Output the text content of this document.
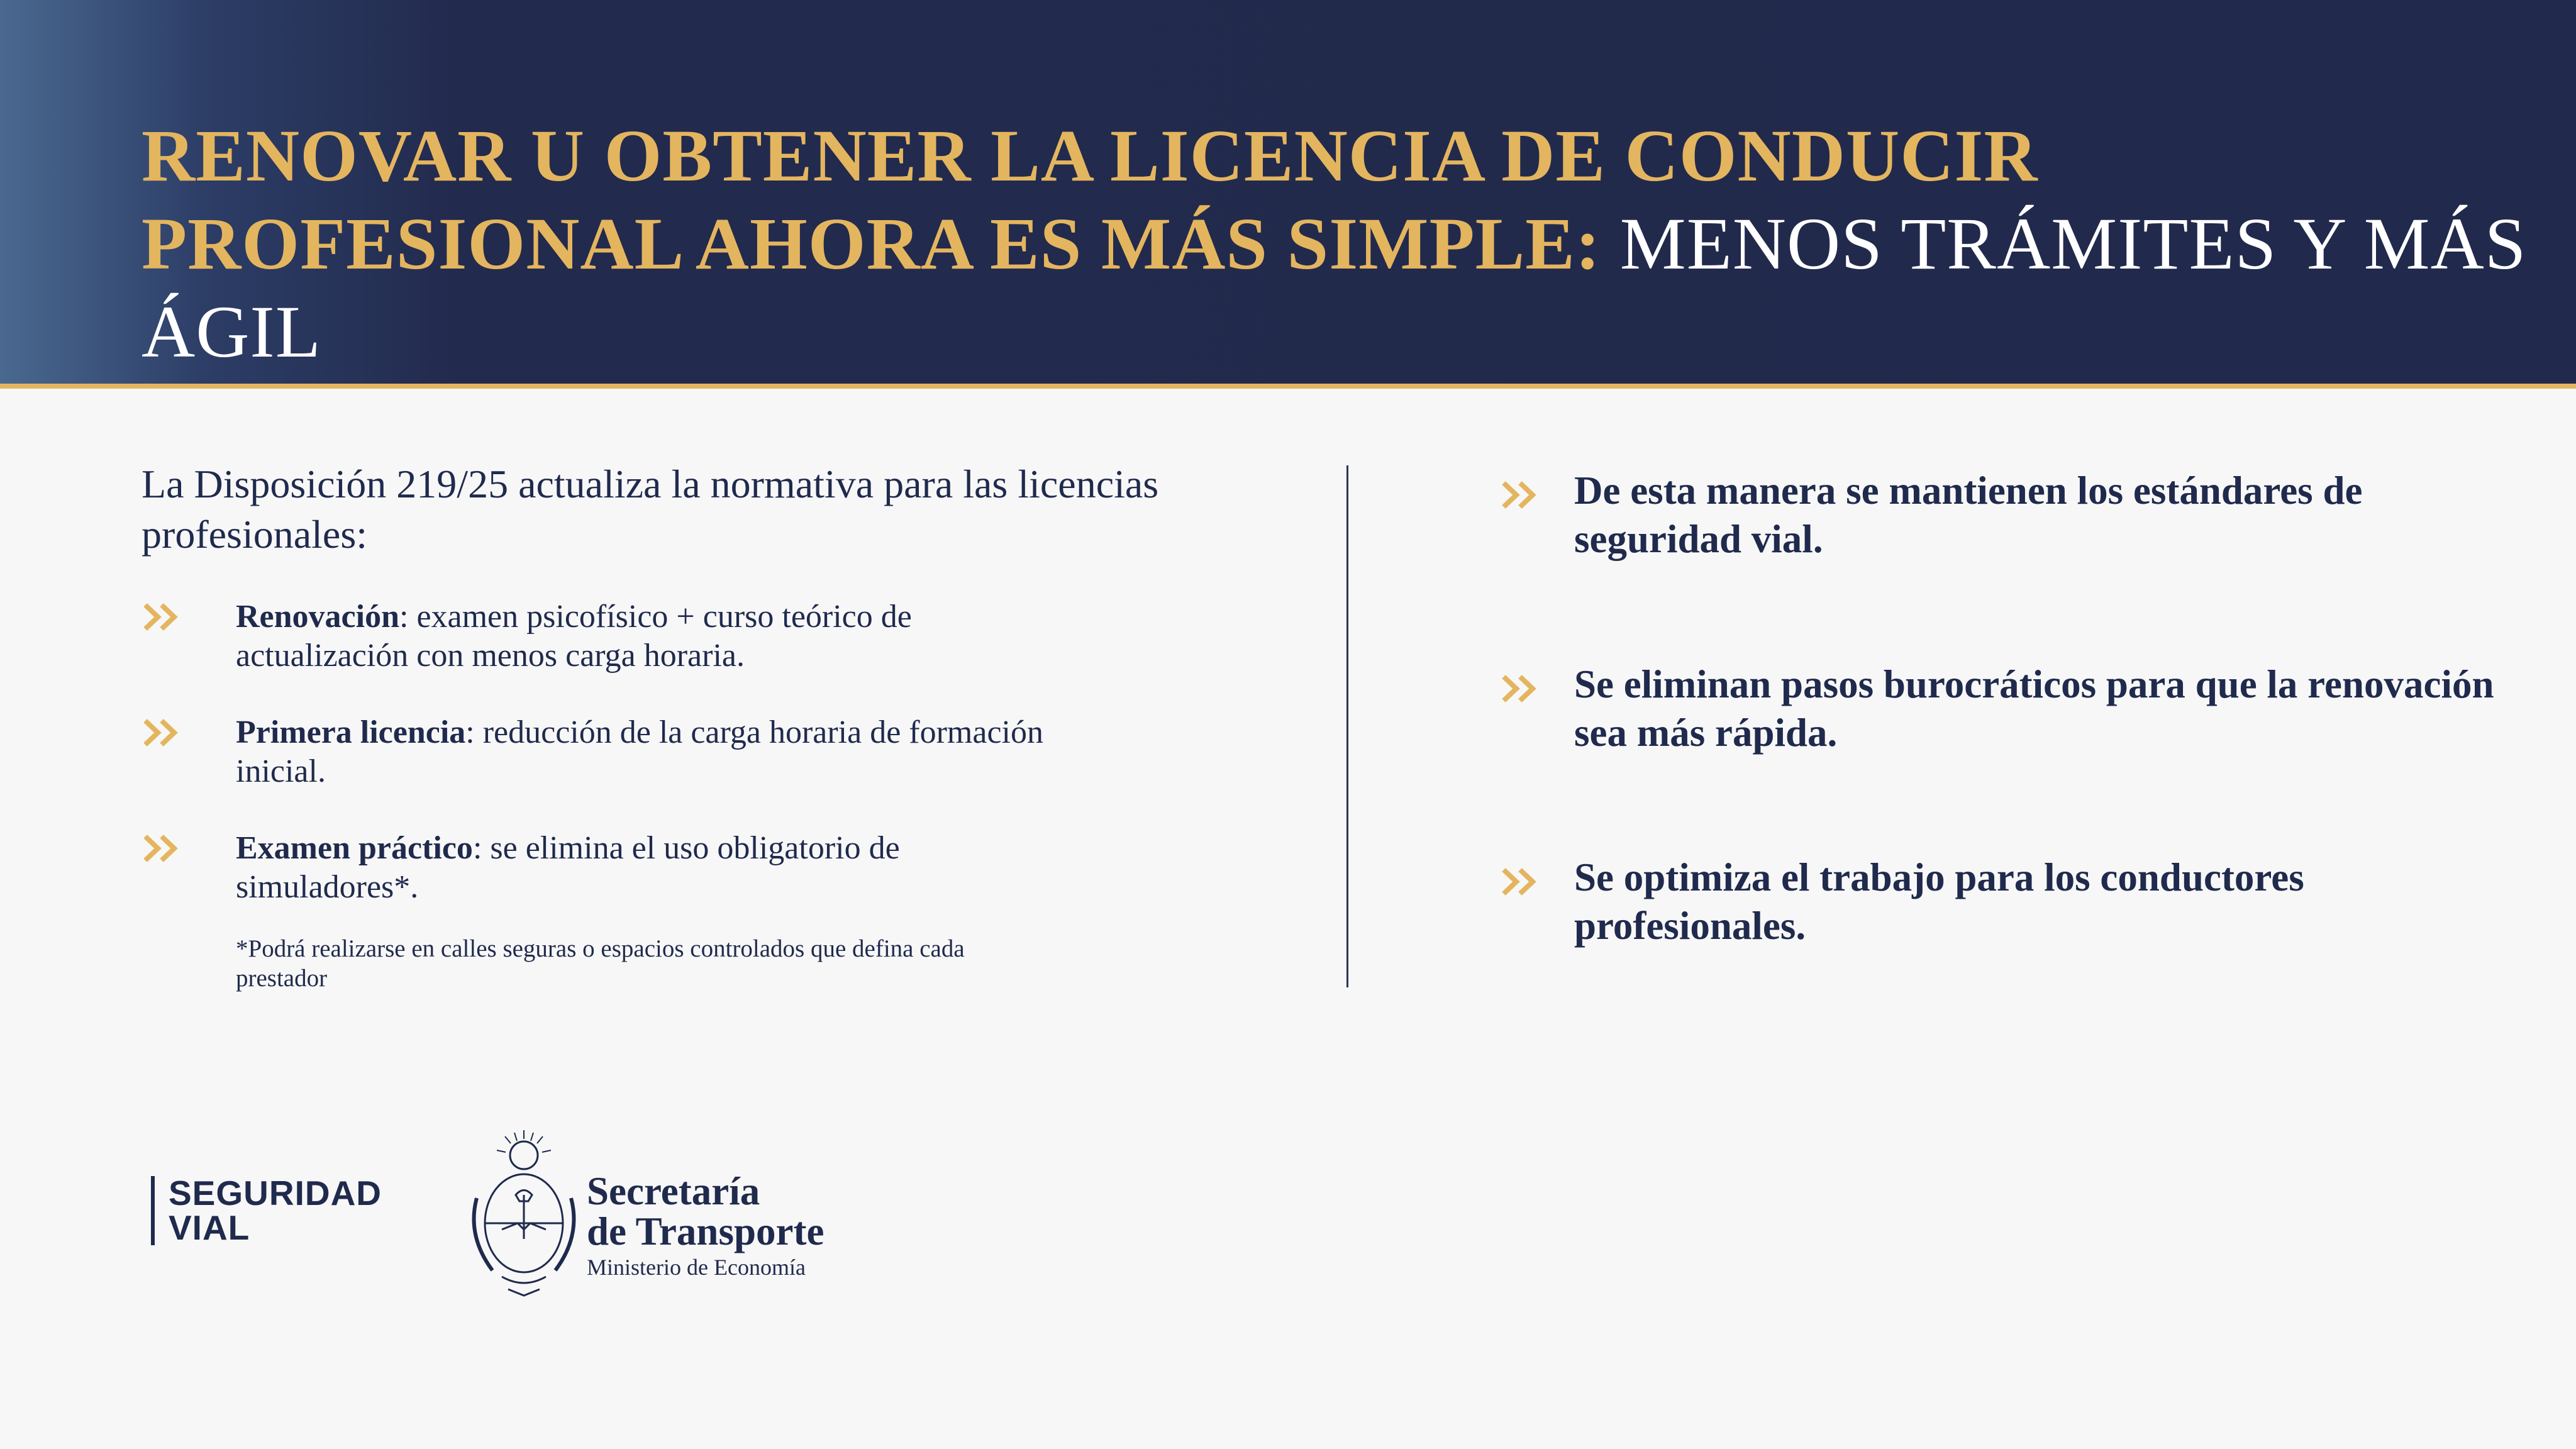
RENOVAR U OBTENER LA LICENCIA DE CONDUCIR PROFESIONAL AHORA ES MÁS SIMPLE: MENOS TRÁMITES Y MÁS ÁGIL
La Disposición 219/25 actualiza la normativa para las licencias profesionales:
Renovación: examen psicofísico + curso teórico de actualización con menos carga horaria.
Primera licencia: reducción de la carga horaria de formación inicial.
Examen práctico: se elimina el uso obligatorio de simuladores*.
*Podrá realizarse en calles seguras o espacios controlados que defina cada prestador
De esta manera se mantienen los estándares de seguridad vial.
Se eliminan pasos burocráticos para que la renovación sea más rápida.
Se optimiza el trabajo para los conductores profesionales.
SEGURIDAD
VIAL
Secretaría
de Transporte
Ministerio de Economía
